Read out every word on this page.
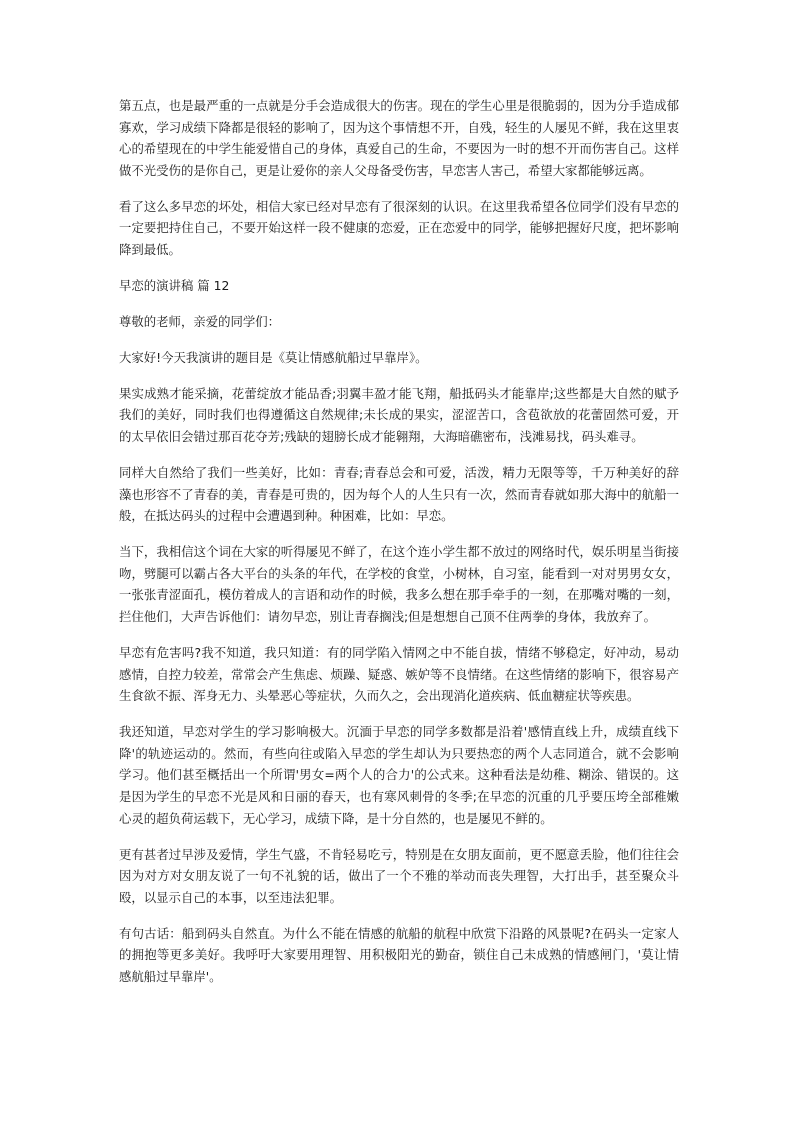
第五点，也是最严重的一点就是分手会造成很大的伤害。现在的学生心里是很脆弱的，因为分手造成郁寡欢，学习成绩下降都是很轻的影响了，因为这个事情想不开，自残，轻生的人屡见不鲜，我在这里衷心的希望现在的中学生能爱惜自己的身体，真爱自己的生命，不要因为一时的想不开而伤害自己。这样做不光受伤的是你自己，更是让爱你的亲人父母备受伤害，早恋害人害己，希望大家都能够远离。

看了这么多早恋的坏处，相信大家已经对早恋有了很深刻的认识。在这里我希望各位同学们没有早恋的一定要把持住自己，不要开始这样一段不健康的恋爱，正在恋爱中的同学，能够把握好尺度，把坏影响降到最低。

早恋的演讲稿 篇 12

尊敬的老师，亲爱的同学们：

大家好!今天我演讲的题目是《莫让情感航船过早靠岸》。

果实成熟才能采摘，花蕾绽放才能品香;羽翼丰盈才能飞翔，船抵码头才能靠岸;这些都是大自然的赋予我们的美好，同时我们也得遵循这自然规律;未长成的果实，涩涩苦口，含苞欲放的花蕾固然可爱，开的太早依旧会错过那百花夺芳;残缺的翅膀长成才能翱翔，大海暗礁密布，浅滩易找，码头难寻。

同样大自然给了我们一些美好，比如：青春;青春总会和可爱，活泼，精力无限等等，千万种美好的辞藻也形容不了青春的美，青春是可贵的，因为每个人的人生只有一次，然而青春就如那大海中的航船一般，在抵达码头的过程中会遭遇到种。种困难，比如：早恋。

当下，我相信这个词在大家的听得屡见不鲜了，在这个连小学生都不放过的网络时代，娱乐明星当街接吻，劈腿可以霸占各大平台的头条的年代，在学校的食堂，小树林，自习室，能看到一对对男男女女，一张张青涩面孔，模仿着成人的言语和动作的时候，我多么想在那手牵手的一刻，在那嘴对嘴的一刻，拦住他们，大声告诉他们：请勿早恋，别让青春搁浅;但是想想自己顶不住两拳的身体，我放弃了。

早恋有危害吗?我不知道，我只知道：有的同学陷入情网之中不能自拔，情绪不够稳定，好冲动，易动感情，自控力较差，常常会产生焦虑、烦躁、疑惑、嫉妒等不良情绪。在这些情绪的影响下，很容易产生食欲不振、浑身无力、头晕恶心等症状，久而久之，会出现消化道疾病、低血糖症状等疾患。

我还知道，早恋对学生的学习影响极大。沉湎于早恋的同学多数都是沿着'感情直线上升，成绩直线下降'的轨迹运动的。然而，有些向往或陷入早恋的学生却认为只要热恋的两个人志同道合，就不会影响学习。他们甚至概括出一个所谓'男女=两个人的合力'的公式来。这种看法是幼稚、糊涂、错误的。这是因为学生的早恋不光是风和日丽的春天，也有寒风刺骨的冬季;在早恋的沉重的几乎要压垮全部稚嫩心灵的超负荷运载下，无心学习，成绩下降，是十分自然的，也是屡见不鲜的。

更有甚者过早涉及爱情，学生气盛，不肯轻易吃亏，特别是在女朋友面前，更不愿意丢脸，他们往往会因为对方对女朋友说了一句不礼貌的话，做出了一个不雅的举动而丧失理智，大打出手，甚至聚众斗殴，以显示自己的本事，以至违法犯罪。

有句古话：船到码头自然直。为什么不能在情感的航船的航程中欣赏下沿路的风景呢?在码头一定家人的拥抱等更多美好。我呼吁大家要用理智、用积极阳光的勤奋，锁住自己未成熟的情感闸门，'莫让情感航船过早靠岸'。
